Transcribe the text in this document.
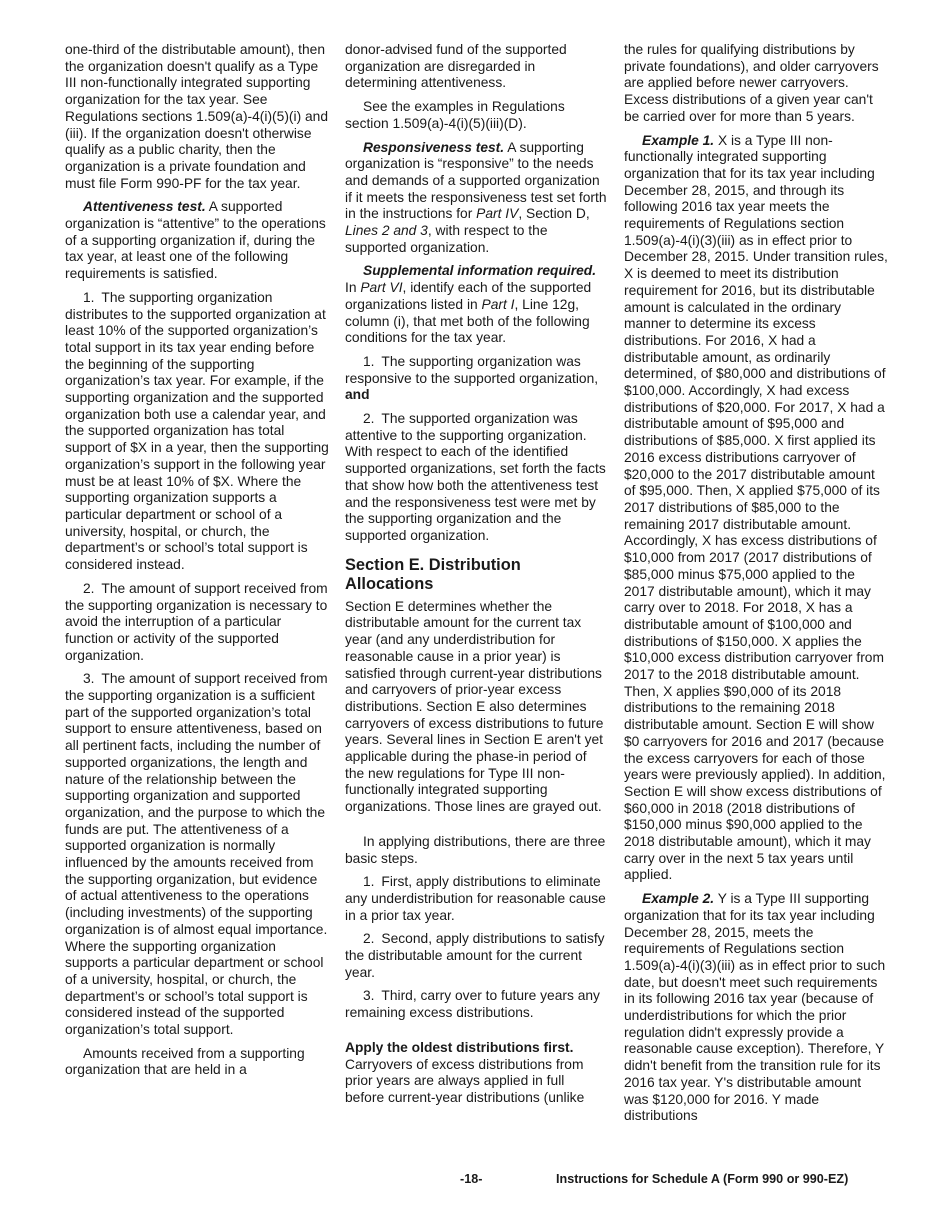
one-third of the distributable amount), then the organization doesn't qualify as a Type III non-functionally integrated supporting organization for the tax year. See Regulations sections 1.509(a)-4(i)(5)(i) and (iii). If the organization doesn't otherwise qualify as a public charity, then the organization is a private foundation and must file Form 990-PF for the tax year.

Attentiveness test. A supported organization is “attentive” to the operations of a supporting organization if, during the tax year, at least one of the following requirements is satisfied.

1. The supporting organization distributes to the supported organization at least 10% of the supported organization’s total support in its tax year ending before the beginning of the supporting organization’s tax year. For example, if the supporting organization and the supported organization both use a calendar year, and the supported organization has total support of $X in a year, then the supporting organization’s support in the following year must be at least 10% of $X. Where the supporting organization supports a particular department or school of a university, hospital, or church, the department’s or school’s total support is considered instead.

2. The amount of support received from the supporting organization is necessary to avoid the interruption of a particular function or activity of the supported organization.

3. The amount of support received from the supporting organization is a sufficient part of the supported organization’s total support to ensure attentiveness, based on all pertinent facts, including the number of supported organizations, the length and nature of the relationship between the supporting organization and supported organization, and the purpose to which the funds are put. The attentiveness of a supported organization is normally influenced by the amounts received from the supporting organization, but evidence of actual attentiveness to the operations (including investments) of the supporting organization is of almost equal importance. Where the supporting organization supports a particular department or school of a university, hospital, or church, the department’s or school’s total support is considered instead of the supported organization’s total support.

Amounts received from a supporting organization that are held in a

donor-advised fund of the supported organization are disregarded in determining attentiveness.

See the examples in Regulations section 1.509(a)-4(i)(5)(iii)(D).

Responsiveness test. A supporting organization is “responsive” to the needs and demands of a supported organization if it meets the responsiveness test set forth in the instructions for Part IV, Section D, Lines 2 and 3, with respect to the supported organization.

Supplemental information required. In Part VI, identify each of the supported organizations listed in Part I, Line 12g, column (i), that met both of the following conditions for the tax year.

1. The supporting organization was responsive to the supported organization, and

2. The supported organization was attentive to the supporting organization. With respect to each of the identified supported organizations, set forth the facts that show how both the attentiveness test and the responsiveness test were met by the supporting organization and the supported organization.

Section E. Distribution Allocations

Section E determines whether the distributable amount for the current tax year (and any underdistribution for reasonable cause in a prior year) is satisfied through current-year distributions and carryovers of prior-year excess distributions. Section E also determines carryovers of excess distributions to future years. Several lines in Section E aren't yet applicable during the phase-in period of the new regulations for Type III non-functionally integrated supporting organizations. Those lines are grayed out.

In applying distributions, there are three basic steps.

1. First, apply distributions to eliminate any underdistribution for reasonable cause in a prior tax year.

2. Second, apply distributions to satisfy the distributable amount for the current year.

3. Third, carry over to future years any remaining excess distributions.

Apply the oldest distributions first. Carryovers of excess distributions from prior years are always applied in full before current-year distributions (unlike

the rules for qualifying distributions by private foundations), and older carryovers are applied before newer carryovers. Excess distributions of a given year can't be carried over for more than 5 years.

Example 1. X is a Type III non-functionally integrated supporting organization that for its tax year including December 28, 2015, and through its following 2016 tax year meets the requirements of Regulations section 1.509(a)-4(i)(3)(iii) as in effect prior to December 28, 2015. Under transition rules, X is deemed to meet its distribution requirement for 2016, but its distributable amount is calculated in the ordinary manner to determine its excess distributions. For 2016, X had a distributable amount, as ordinarily determined, of $80,000 and distributions of $100,000. Accordingly, X had excess distributions of $20,000. For 2017, X had a distributable amount of $95,000 and distributions of $85,000. X first applied its 2016 excess distributions carryover of $20,000 to the 2017 distributable amount of $95,000. Then, X applied $75,000 of its 2017 distributions of $85,000 to the remaining 2017 distributable amount. Accordingly, X has excess distributions of $10,000 from 2017 (2017 distributions of $85,000 minus $75,000 applied to the 2017 distributable amount), which it may carry over to 2018. For 2018, X has a distributable amount of $100,000 and distributions of $150,000. X applies the $10,000 excess distribution carryover from 2017 to the 2018 distributable amount. Then, X applies $90,000 of its 2018 distributions to the remaining 2018 distributable amount. Section E will show $0 carryovers for 2016 and 2017 (because the excess carryovers for each of those years were previously applied). In addition, Section E will show excess distributions of $60,000 in 2018 (2018 distributions of $150,000 minus $90,000 applied to the 2018 distributable amount), which it may carry over in the next 5 tax years until applied.

Example 2. Y is a Type III supporting organization that for its tax year including December 28, 2015, meets the requirements of Regulations section 1.509(a)-4(i)(3)(iii) as in effect prior to such date, but doesn't meet such requirements in its following 2016 tax year (because of underdistributions for which the prior regulation didn't expressly provide a reasonable cause exception). Therefore, Y didn't benefit from the transition rule for its 2016 tax year. Y's distributable amount was $120,000 for 2016. Y made distributions

-18-	Instructions for Schedule A (Form 990 or 990-EZ)
